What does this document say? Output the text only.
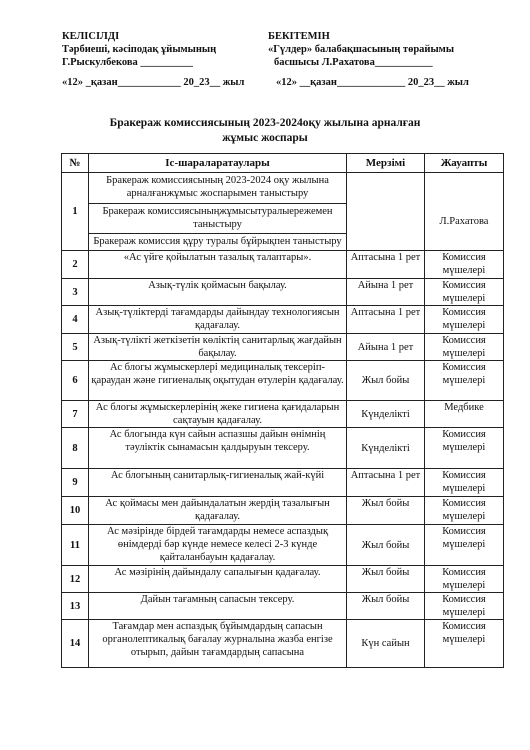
КЕЛІСІЛДІ
Тәрбиеші, кәсіподақ ұйымының
Г.Рыскулбекова __________
«12» _қазан____________ 20_23__ жыл
БЕКІТЕМІН
«Гүлдер» балабақшасының төрайымы
басшысы Л.Рахатова___________
«12» __қазан_____________ 20_23__ жыл
Бракераж комиссиясының 2023-2024оқу жылына арналған
жұмыс жоспары
№	Іс-шараларатаулары	Мерзімі	Жауапты
1	Бракераж комиссиясының 2023-2024 оқу жылына арналғанжұмыс жоспарымен таныстыру
Бракераж комиссиясыныңжұмысытуралыережемен таныстыру
Бракераж комиссия құру туралы бұйрықпен таныстыру		Л.Рахатова
2	«Ас үйге қойылатын тазалық талаптары».	Аптасына 1 рет	Комиссия мүшелері
3	Азық-түлік қоймасын бақылау.	Айына 1 рет	Комиссия мүшелері
4	Азық-түліктерді тағамдарды дайындау технологиясын қадағалау.	Аптасына 1 рет	Комиссия мүшелері
5	Азық-түлікті жеткізетін көліктің санитарлық жағдайын бақылау.	Айына 1 рет	Комиссия мүшелері
6	Ас блогы жұмыскерлері медициналық тексеріп-қараудан және гигиеналық оқытудан өтулерін қадағалау.	Жыл бойы	Комиссия мүшелері
7	Ас блогы жұмыскерлерінің жеке гигиена қағидаларын сақтауын қадағалау.	Күнделікті	Медбике
8	Ас блогында күн сайын аспазшы дайын өнімнің тәуліктік сынамасын қалдыруын тексеру.	Күнделікті	Комиссия мүшелері
9	Ас блогының санитарлық-гигиеналық жай-күйі	Аптасына 1 рет	Комиссия мүшелері
10	Ас қоймасы мен дайындалатын жердің тазалығын қадағалау.	Жыл бойы	Комиссия мүшелері
11	Ас мәзірінде бірдей тағамдарды немесе аспаздық өнімдерді бәр күнде немесе келесі 2-3 күнде қайталанбауын қадағалау.	Жыл бойы	Комиссия мүшелері
12	Ас мәзірінің дайындалу сапалығын қадағалау.	Жыл бойы	Комиссия мүшелері
13	Дайын тағамның сапасын тексеру.	Жыл бойы	Комиссия мүшелері
14	Тағамдар мен аспаздық бұйымдардың сапасын органолептикалық бағалау журналына жазба енгізе отырып, дайын тағамдардың сапасына	Күн сайын	Комиссия мүшелері
